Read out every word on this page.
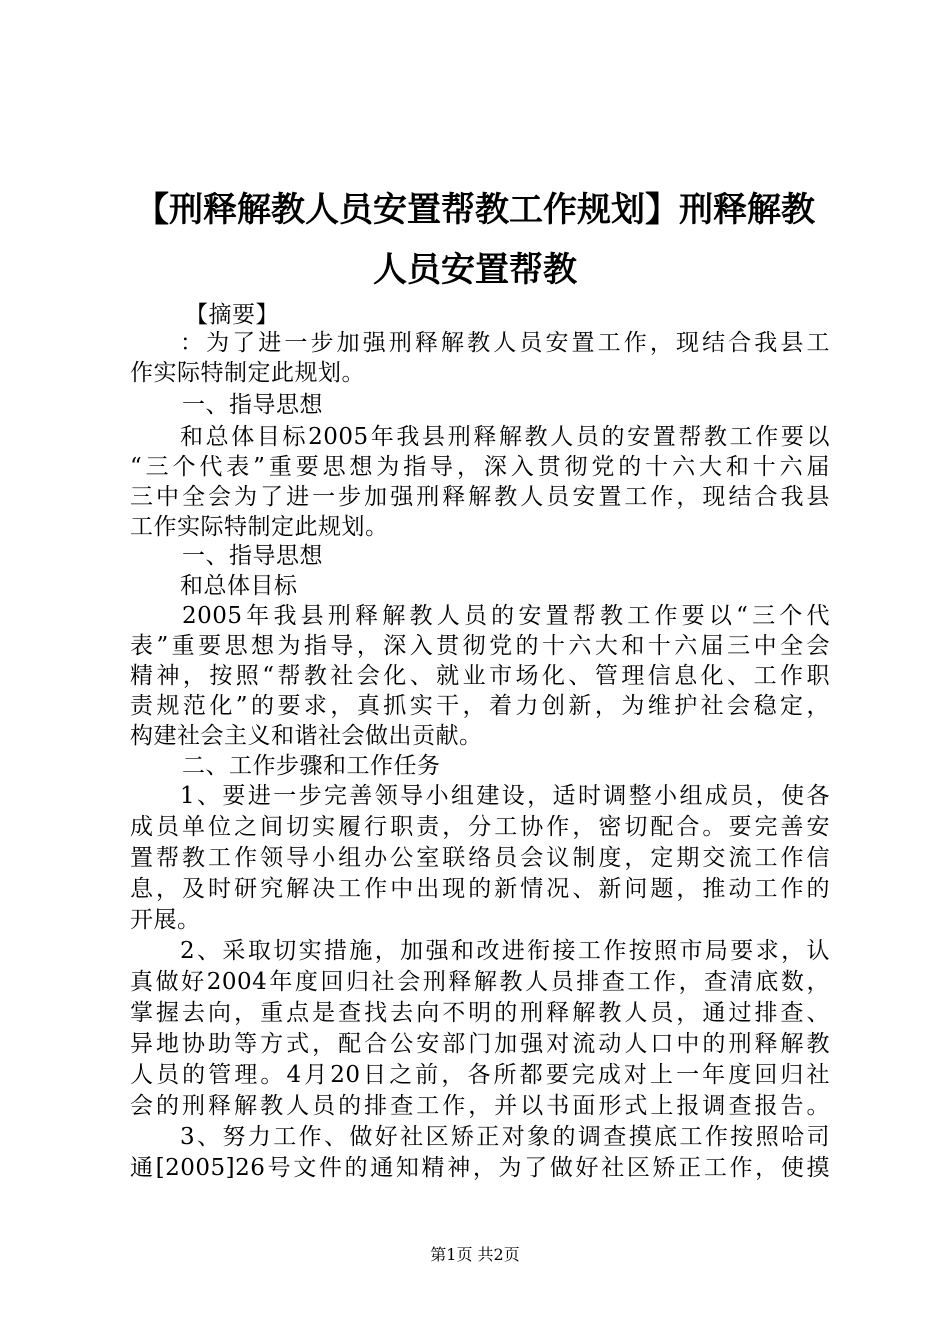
【刑释解教人员安置帮教工作规划】刑释解教
人员安置帮教
【摘要】
：为了进一步加强刑释解教人员安置工作，现结合我县工
作实际特制定此规划。
一、指导思想
和总体目标2005年我县刑释解教人员的安置帮教工作要以
“三个代表”重要思想为指导，深入贯彻党的十六大和十六届
三中全会为了进一步加强刑释解教人员安置工作，现结合我县
工作实际特制定此规划。
一、指导思想
和总体目标
2005年我县刑释解教人员的安置帮教工作要以“三个代
表”重要思想为指导，深入贯彻党的十六大和十六届三中全会
精神，按照“帮教社会化、就业市场化、管理信息化、工作职
责规范化”的要求，真抓实干，着力创新，为维护社会稳定，
构建社会主义和谐社会做出贡献。
二、工作步骤和工作任务
1、要进一步完善领导小组建设，适时调整小组成员，使各
成员单位之间切实履行职责，分工协作，密切配合。要完善安
置帮教工作领导小组办公室联络员会议制度，定期交流工作信
息，及时研究解决工作中出现的新情况、新问题，推动工作的
开展。
2、采取切实措施，加强和改进衔接工作按照市局要求，认
真做好2004年度回归社会刑释解教人员排查工作，查清底数，
掌握去向，重点是查找去向不明的刑释解教人员，通过排查、
异地协助等方式，配合公安部门加强对流动人口中的刑释解教
人员的管理。4月20日之前，各所都要完成对上一年度回归社
会的刑释解教人员的排查工作，并以书面形式上报调查报告。
3、努力工作、做好社区矫正对象的调查摸底工作按照哈司
通[2005]26号文件的通知精神，为了做好社区矫正工作，使摸
第1页 共2页
